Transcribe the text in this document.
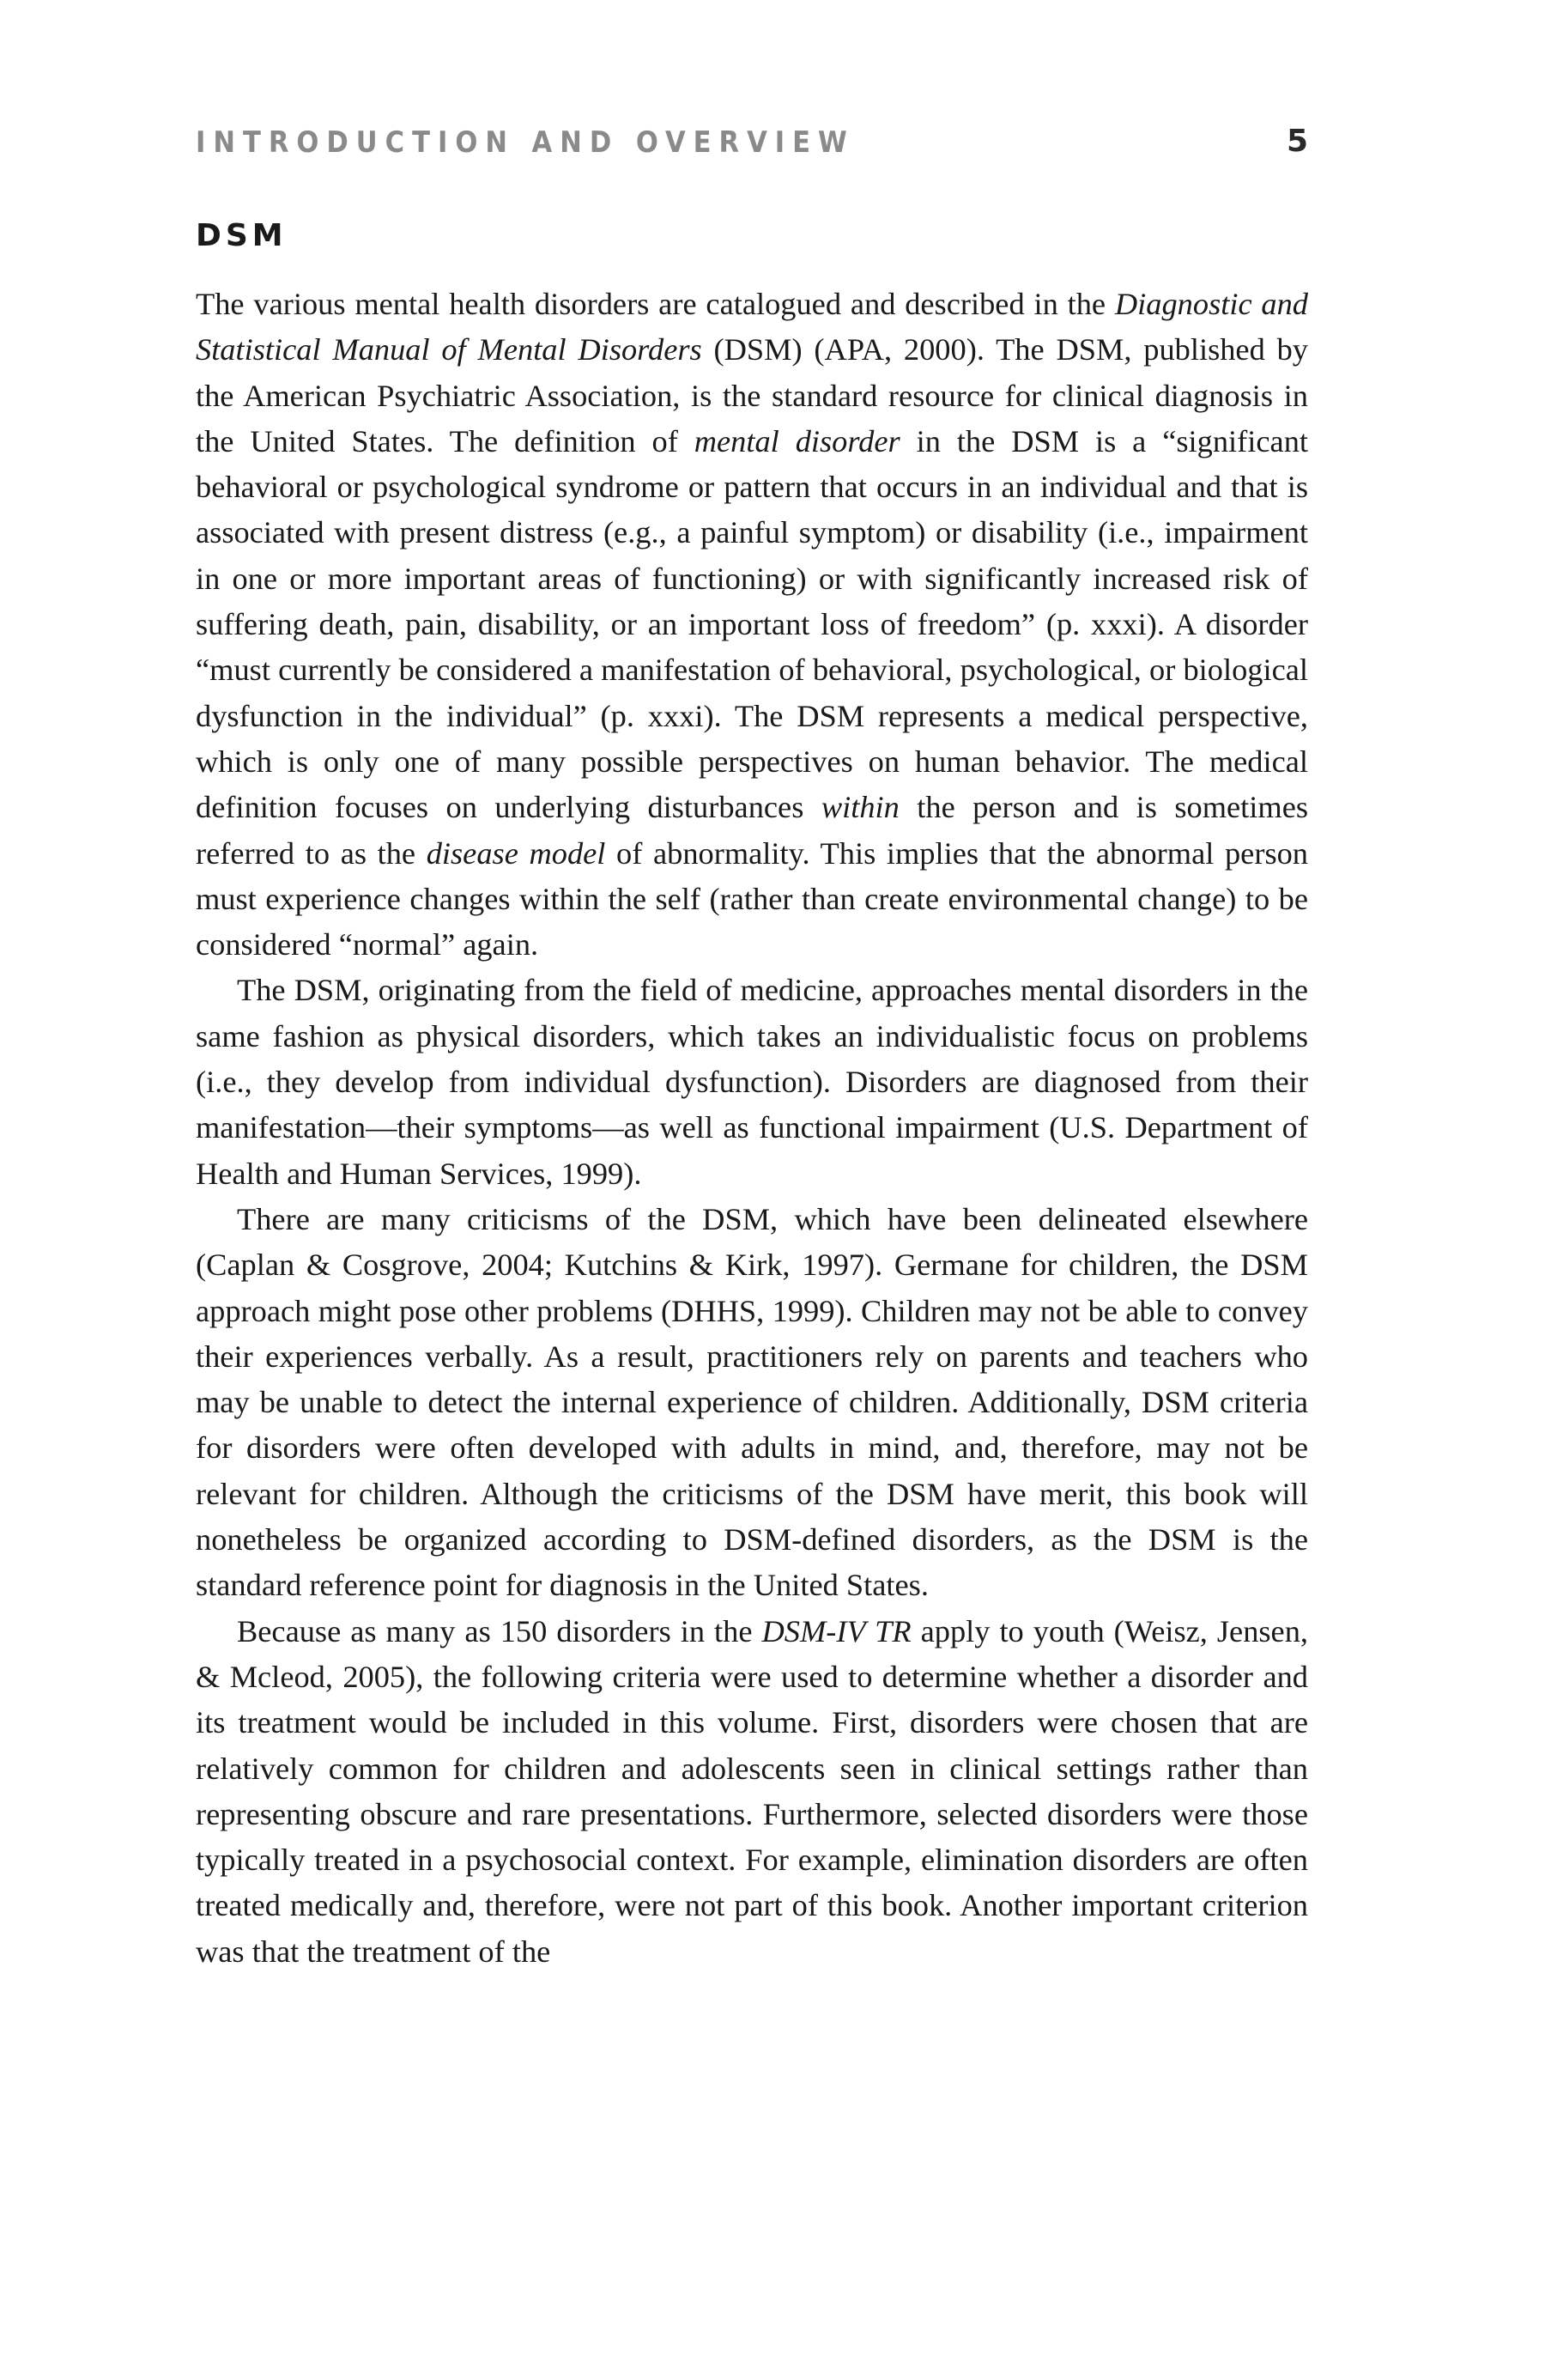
INTRODUCTION AND OVERVIEW	5
DSM

The various mental health disorders are catalogued and described in the Diagnostic and Statistical Manual of Mental Disorders (DSM) (APA, 2000). The DSM, published by the American Psychiatric Association, is the standard resource for clinical diagnosis in the United States. The definition of mental disorder in the DSM is a “significant behavioral or psychological syndrome or pattern that occurs in an individual and that is associated with present distress (e.g., a painful symptom) or disability (i.e., impairment in one or more important areas of functioning) or with significantly increased risk of suffering death, pain, disability, or an important loss of freedom” (p. xxxi). A disorder “must currently be considered a manifestation of behavioral, psychological, or biological dysfunction in the individual” (p. xxxi). The DSM represents a medical perspective, which is only one of many possible perspectives on human behavior. The medical definition focuses on underlying disturbances within the person and is sometimes referred to as the disease model of abnormality. This implies that the abnormal person must experience changes within the self (rather than create environmental change) to be considered “normal” again.

The DSM, originating from the field of medicine, approaches mental disorders in the same fashion as physical disorders, which takes an individualistic focus on problems (i.e., they develop from individual dysfunction). Disorders are diagnosed from their manifestation—their symptoms—as well as functional impairment (U.S. Department of Health and Human Services, 1999).

There are many criticisms of the DSM, which have been delineated elsewhere (Caplan & Cosgrove, 2004; Kutchins & Kirk, 1997). Germane for children, the DSM approach might pose other problems (DHHS, 1999). Children may not be able to convey their experiences verbally. As a result, practitioners rely on parents and teachers who may be unable to detect the internal experience of children. Additionally, DSM criteria for disorders were often developed with adults in mind, and, therefore, may not be relevant for children. Although the criticisms of the DSM have merit, this book will nonetheless be organized according to DSM-defined disorders, as the DSM is the standard reference point for diagnosis in the United States.

Because as many as 150 disorders in the DSM-IV TR apply to youth (Weisz, Jensen, & Mcleod, 2005), the following criteria were used to determine whether a disorder and its treatment would be included in this volume. First, disorders were chosen that are relatively common for children and adolescents seen in clinical settings rather than representing obscure and rare presentations. Furthermore, selected disorders were those typically treated in a psychosocial context. For example, elimination disorders are often treated medically and, therefore, were not part of this book. Another important criterion was that the treatment of the
